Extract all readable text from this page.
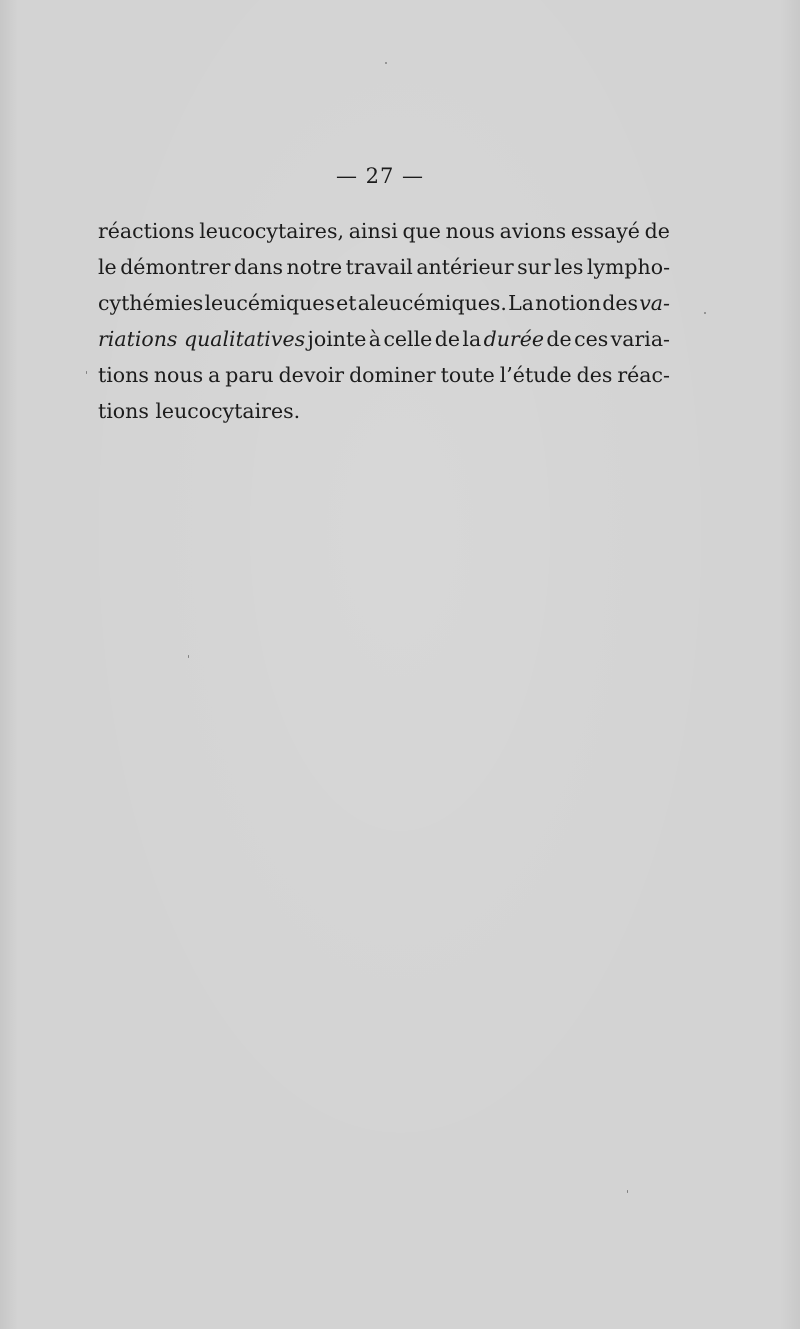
— 27 —
réactions leucocytaires, ainsi que nous avions essayé de
le démontrer dans notre travail antérieur sur les lympho-
cythémies leucémiques et aleucémiques. La notion des va-
riations qualitatives jointe à celle de la durée de ces varia-
tions nous a paru devoir dominer toute l’étude des réac-
tions leucocytaires.
